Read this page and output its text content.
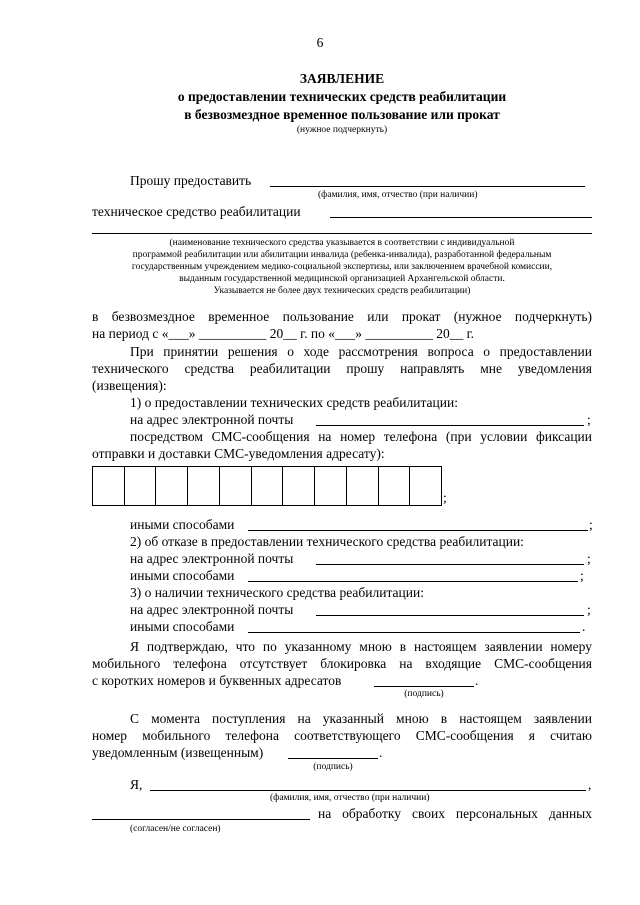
6
ЗАЯВЛЕНИЕ
о предоставлении технических средств реабилитации
в безвозмездное временное пользование или прокат
(нужное подчеркнуть)
Прошу предоставить
(фамилия, имя, отчество (при наличии)
техническое средство реабилитации
(наименование технического средства указывается в соответствии с индивидуальной
программой реабилитации или абилитации инвалида (ребенка-инвалида), разработанной федеральным
государственным учреждением медико-социальной экспертизы, или заключением врачебной комиссии,
выданным государственной медицинской организацией Архангельской области.
Указывается не более двух технических средств реабилитации)
в безвозмездное временное пользование или прокат (нужное подчеркнуть)
на период с «___» __________ 20__ г. по «___» __________ 20__ г.
При принятии решения о ходе рассмотрения вопроса о предоставлении
технического средства реабилитации прошу направлять мне уведомления
(извещения):
1) о предоставлении технических средств реабилитации:
на адрес электронной почты	;
посредством СМС-сообщения на номер телефона (при условии фиксации
отправки и доставки СМС-уведомления адресату):
;
иными способами	;
2) об отказе в предоставлении технического средства реабилитации:
на адрес электронной почты	;
иными способами	;
3) о наличии технического средства реабилитации:
на адрес электронной почты	;
иными способами	.
Я подтверждаю, что по указанному мною в настоящем заявлении номеру
мобильного телефона отсутствует блокировка на входящие СМС-сообщения
с коротких номеров и буквенных адресатов	.
(подпись)
С момента поступления на указанный мною в настоящем заявлении
номер мобильного телефона соответствующего СМС-сообщения я считаю
уведомленным (извещенным)	.
(подпись)
Я,	,
(фамилия, имя, отчество (при наличии)
на обработку своих персональных данных
(согласен/не согласен)
